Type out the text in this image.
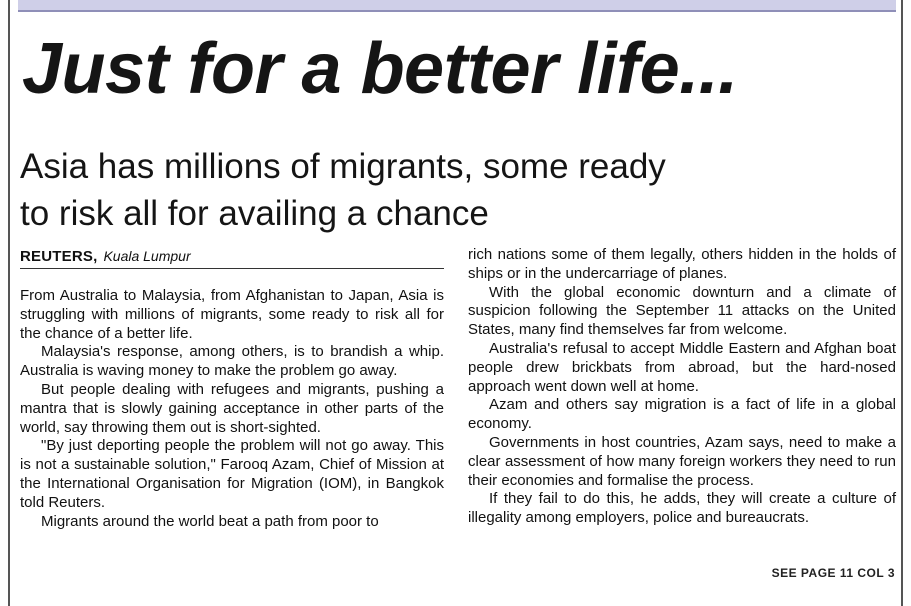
Just for a better life...
Asia has millions of migrants, some ready
to risk all for availing a chance
REUTERS, Kuala Lumpur

From Australia to Malaysia, from Afghanistan to Japan, Asia is struggling with millions of migrants, some ready to risk all for the chance of a better life.

Malaysia's response, among others, is to brandish a whip. Australia is waving money to make the problem go away.

But people dealing with refugees and migrants, pushing a mantra that is slowly gaining acceptance in other parts of the world, say throwing them out is short-sighted.

"By just deporting people the problem will not go away. This is not a sustainable solution," Farooq Azam, Chief of Mission at the International Organisation for Migration (IOM), in Bangkok told Reuters.

Migrants around the world beat a path from poor to

rich nations some of them legally, others hidden in the holds of ships or in the undercarriage of planes.

With the global economic downturn and a climate of suspicion following the September 11 attacks on the United States, many find themselves far from welcome.

Australia's refusal to accept Middle Eastern and Afghan boat people drew brickbats from abroad, but the hard-nosed approach went down well at home.

Azam and others say migration is a fact of life in a global economy.

Governments in host countries, Azam says, need to make a clear assessment of how many foreign workers they need to run their economies and formalise the process.

If they fail to do this, he adds, they will create a culture of illegality among employers, police and bureaucrats.

SEE PAGE 11 COL 3
